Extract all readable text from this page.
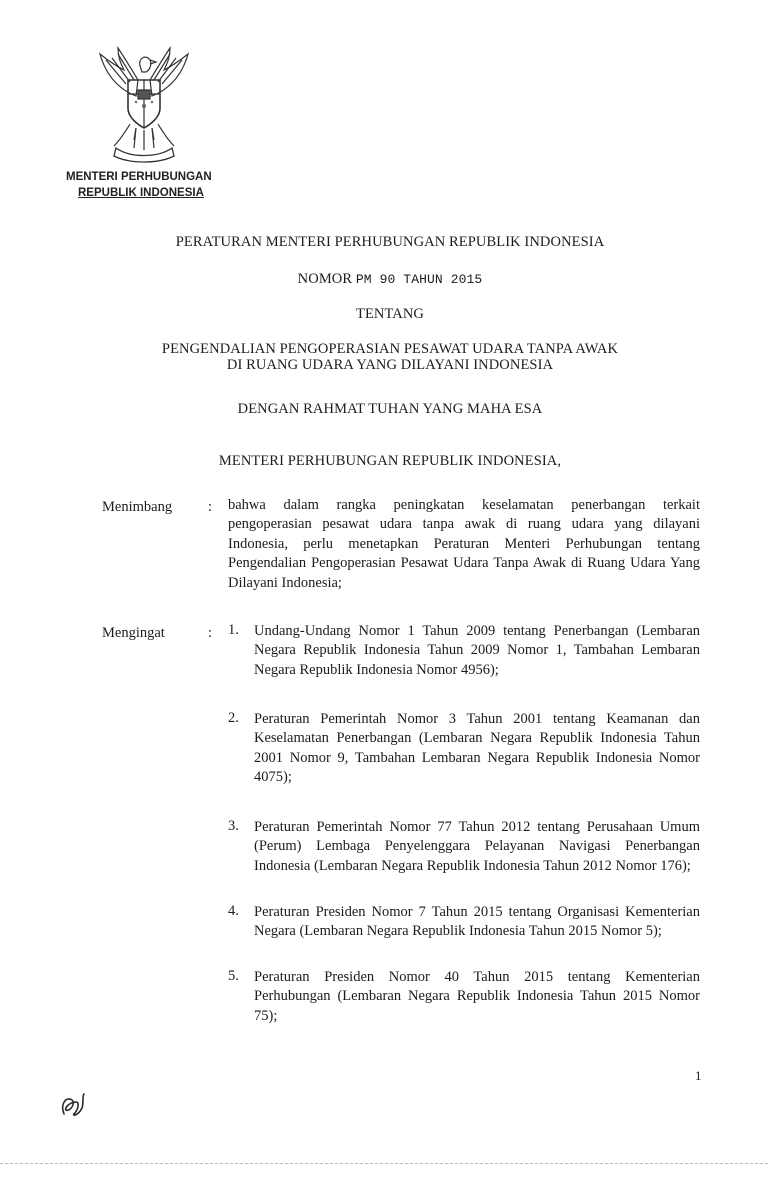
MENTERI PERHUBUNGAN
REPUBLIK INDONESIA
PERATURAN MENTERI PERHUBUNGAN REPUBLIK INDONESIA
NOMOR PM 90 TAHUN 2015
TENTANG
PENGENDALIAN PENGOPERASIAN PESAWAT UDARA TANPA AWAK
DI RUANG UDARA YANG DILAYANI INDONESIA
DENGAN RAHMAT TUHAN YANG MAHA ESA
MENTERI PERHUBUNGAN REPUBLIK INDONESIA,
Menimbang : bahwa dalam rangka peningkatan keselamatan penerbangan terkait pengoperasian pesawat udara tanpa awak di ruang udara yang dilayani Indonesia, perlu menetapkan Peraturan Menteri Perhubungan tentang Pengendalian Pengoperasian Pesawat Udara Tanpa Awak di Ruang Udara Yang Dilayani Indonesia;
Mengingat	: 1. Undang-Undang Nomor 1 Tahun 2009 tentang Penerbangan (Lembaran Negara Republik Indonesia Tahun 2009 Nomor 1, Tambahan Lembaran Negara Republik Indonesia Nomor 4956);
2. Peraturan Pemerintah Nomor 3 Tahun 2001 tentang Keamanan dan Keselamatan Penerbangan (Lembaran Negara Republik Indonesia Tahun 2001 Nomor 9, Tambahan Lembaran Negara Republik Indonesia Nomor 4075);
3. Peraturan Pemerintah Nomor 77 Tahun 2012 tentang Perusahaan Umum (Perum) Lembaga Penyelenggara Pelayanan Navigasi Penerbangan Indonesia (Lembaran Negara Republik Indonesia Tahun 2012 Nomor 176);
4. Peraturan Presiden Nomor 7 Tahun 2015 tentang Organisasi Kementerian Negara (Lembaran Negara Republik Indonesia Tahun 2015 Nomor 5);
5. Peraturan Presiden Nomor 40 Tahun 2015 tentang Kementerian Perhubungan (Lembaran Negara Republik Indonesia Tahun 2015 Nomor 75);
1
